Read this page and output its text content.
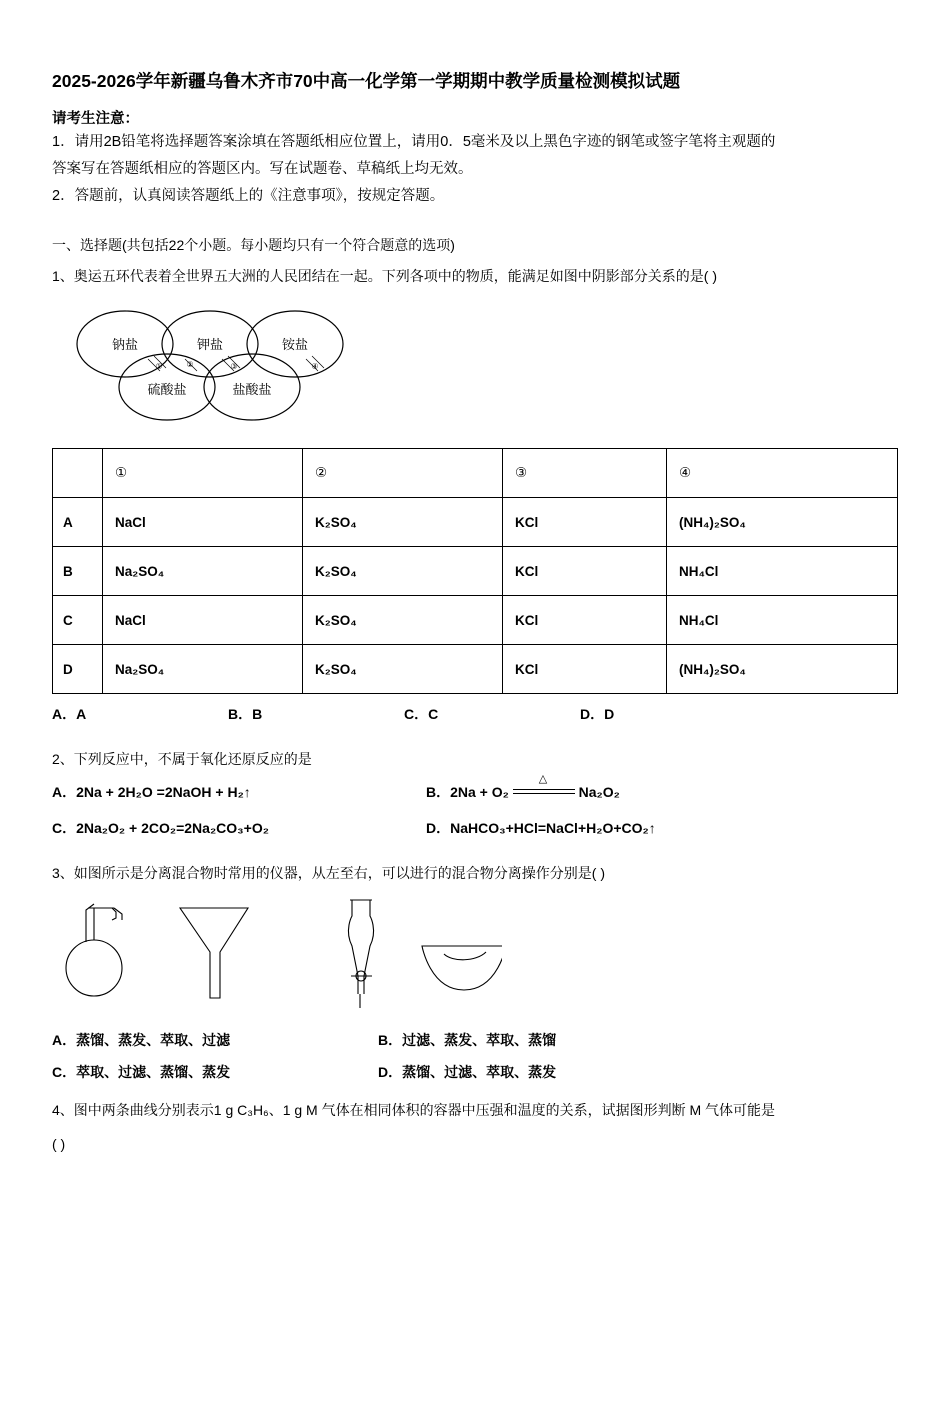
2025-2026学年新疆乌鲁木齐市70中高一化学第一学期期中教学质量检测模拟试题
请考生注意：
1．请用2B铅笔将选择题答案涂填在答题纸相应位置上，请用0．5毫米及以上黑色字迹的钢笔或签字笔将主观题的
答案写在答题纸相应的答题区内。写在试题卷、草稿纸上均无效。
2．答题前，认真阅读答题纸上的《注意事项》，按规定答题。
一、选择题(共包括22个小题。每小题均只有一个符合题意的选项)
1、奥运五环代表着全世界五大洲的人民团结在一起。下列各项中的物质，能满足如图中阴影部分关系的是( )
钠盐	钾盐	铵盐
硫酸盐	盐酸盐
①	②	③	④
	①	②	③	④
A	NaCl	K₂SO₄	KCl	(NH₄)₂SO₄
B	Na₂SO₄	K₂SO₄	KCl	NH₄Cl
C	NaCl	K₂SO₄	KCl	NH₄Cl
D	Na₂SO₄	K₂SO₄	KCl	(NH₄)₂SO₄
A．A	B．B	C．C	D．D
2、下列反应中，不属于氧化还原反应的是
A．2Na + 2H₂O =2NaOH + H₂↑	B．2Na + O₂
△
Na₂O₂
C．2Na₂O₂ + 2CO₂=2Na₂CO₃+O₂	D．NaHCO₃+HCl=NaCl+H₂O+CO₂↑
3、如图所示是分离混合物时常用的仪器，从左至右，可以进行的混合物分离操作分别是( )
A．蒸馏、蒸发、萃取、过滤	B．过滤、蒸发、萃取、蒸馏
C．萃取、过滤、蒸馏、蒸发	D．蒸馏、过滤、萃取、蒸发
4、图中两条曲线分别表示1 g C₃H₆、1 g M 气体在相同体积的容器中压强和温度的关系，试据图形判断 M 气体可能是
( )
